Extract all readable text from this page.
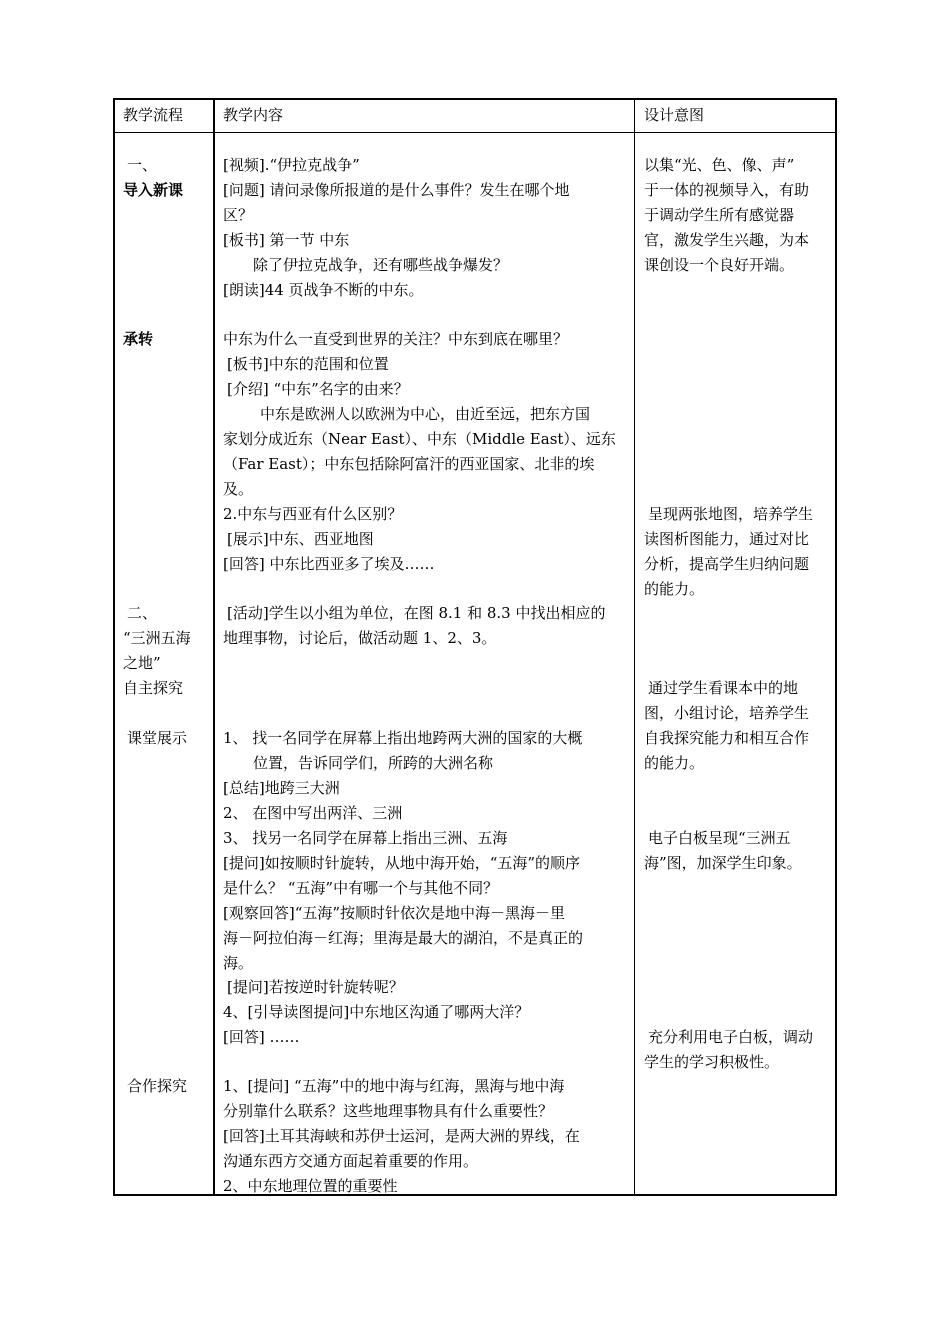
教学流程	教学内容	设计意图
一、
导入新课
承转
二、
“三洲五海
之地”
自主探究
课堂展示
合作探究
[视频].“伊拉克战争”
[问题] 请问录像所报道的是什么事件？发生在哪个地
区？
[板书] 第一节 中东
除了伊拉克战争，还有哪些战争爆发？
[朗读]44 页战争不断的中东。
中东为什么一直受到世界的关注？中东到底在哪里？
[板书]中东的范围和位置
[介绍] “中东”名字的由来？
中东是欧洲人以欧洲为中心，由近至远，把东方国
家划分成近东（Near East）、中东（Middle East）、远东
（Far East）；中东包括除阿富汗的西亚国家、北非的埃
及。
2.中东与西亚有什么区别？
[展示]中东、西亚地图
[回答] 中东比西亚多了埃及……
[活动]学生以小组为单位，在图 8.1 和 8.3 中找出相应的
地理事物，讨论后，做活动题 1、2、3。
1、 找一名同学在屏幕上指出地跨两大洲的国家的大概
位置，告诉同学们，所跨的大洲名称
[总结]地跨三大洲
2、 在图中写出两洋、三洲
3、 找另一名同学在屏幕上指出三洲、五海
[提问]如按顺时针旋转，从地中海开始，“五海”的顺序
是什么？ “五海”中有哪一个与其他不同？
[观察回答]“五海”按顺时针依次是地中海－黑海－里
海－阿拉伯海－红海；里海是最大的湖泊，不是真正的
海。
[提问]若按逆时针旋转呢？
4、[引导读图提问]中东地区沟通了哪两大洋？
[回答] ……
1、[提问] “五海”中的地中海与红海，黑海与地中海
分别靠什么联系？这些地理事物具有什么重要性？
[回答]土耳其海峡和苏伊士运河，是两大洲的界线，在
沟通东西方交通方面起着重要的作用。
2、中东地理位置的重要性
以集“光、色、像、声”
于一体的视频导入，有助
于调动学生所有感觉器
官，激发学生兴趣，为本
课创设一个良好开端。
呈现两张地图，培养学生
读图析图能力，通过对比
分析，提高学生归纳问题
的能力。
通过学生看课本中的地
图，小组讨论，培养学生
自我探究能力和相互合作
的能力。
电子白板呈现“三洲五
海”图，加深学生印象。
充分利用电子白板，调动
学生的学习积极性。
